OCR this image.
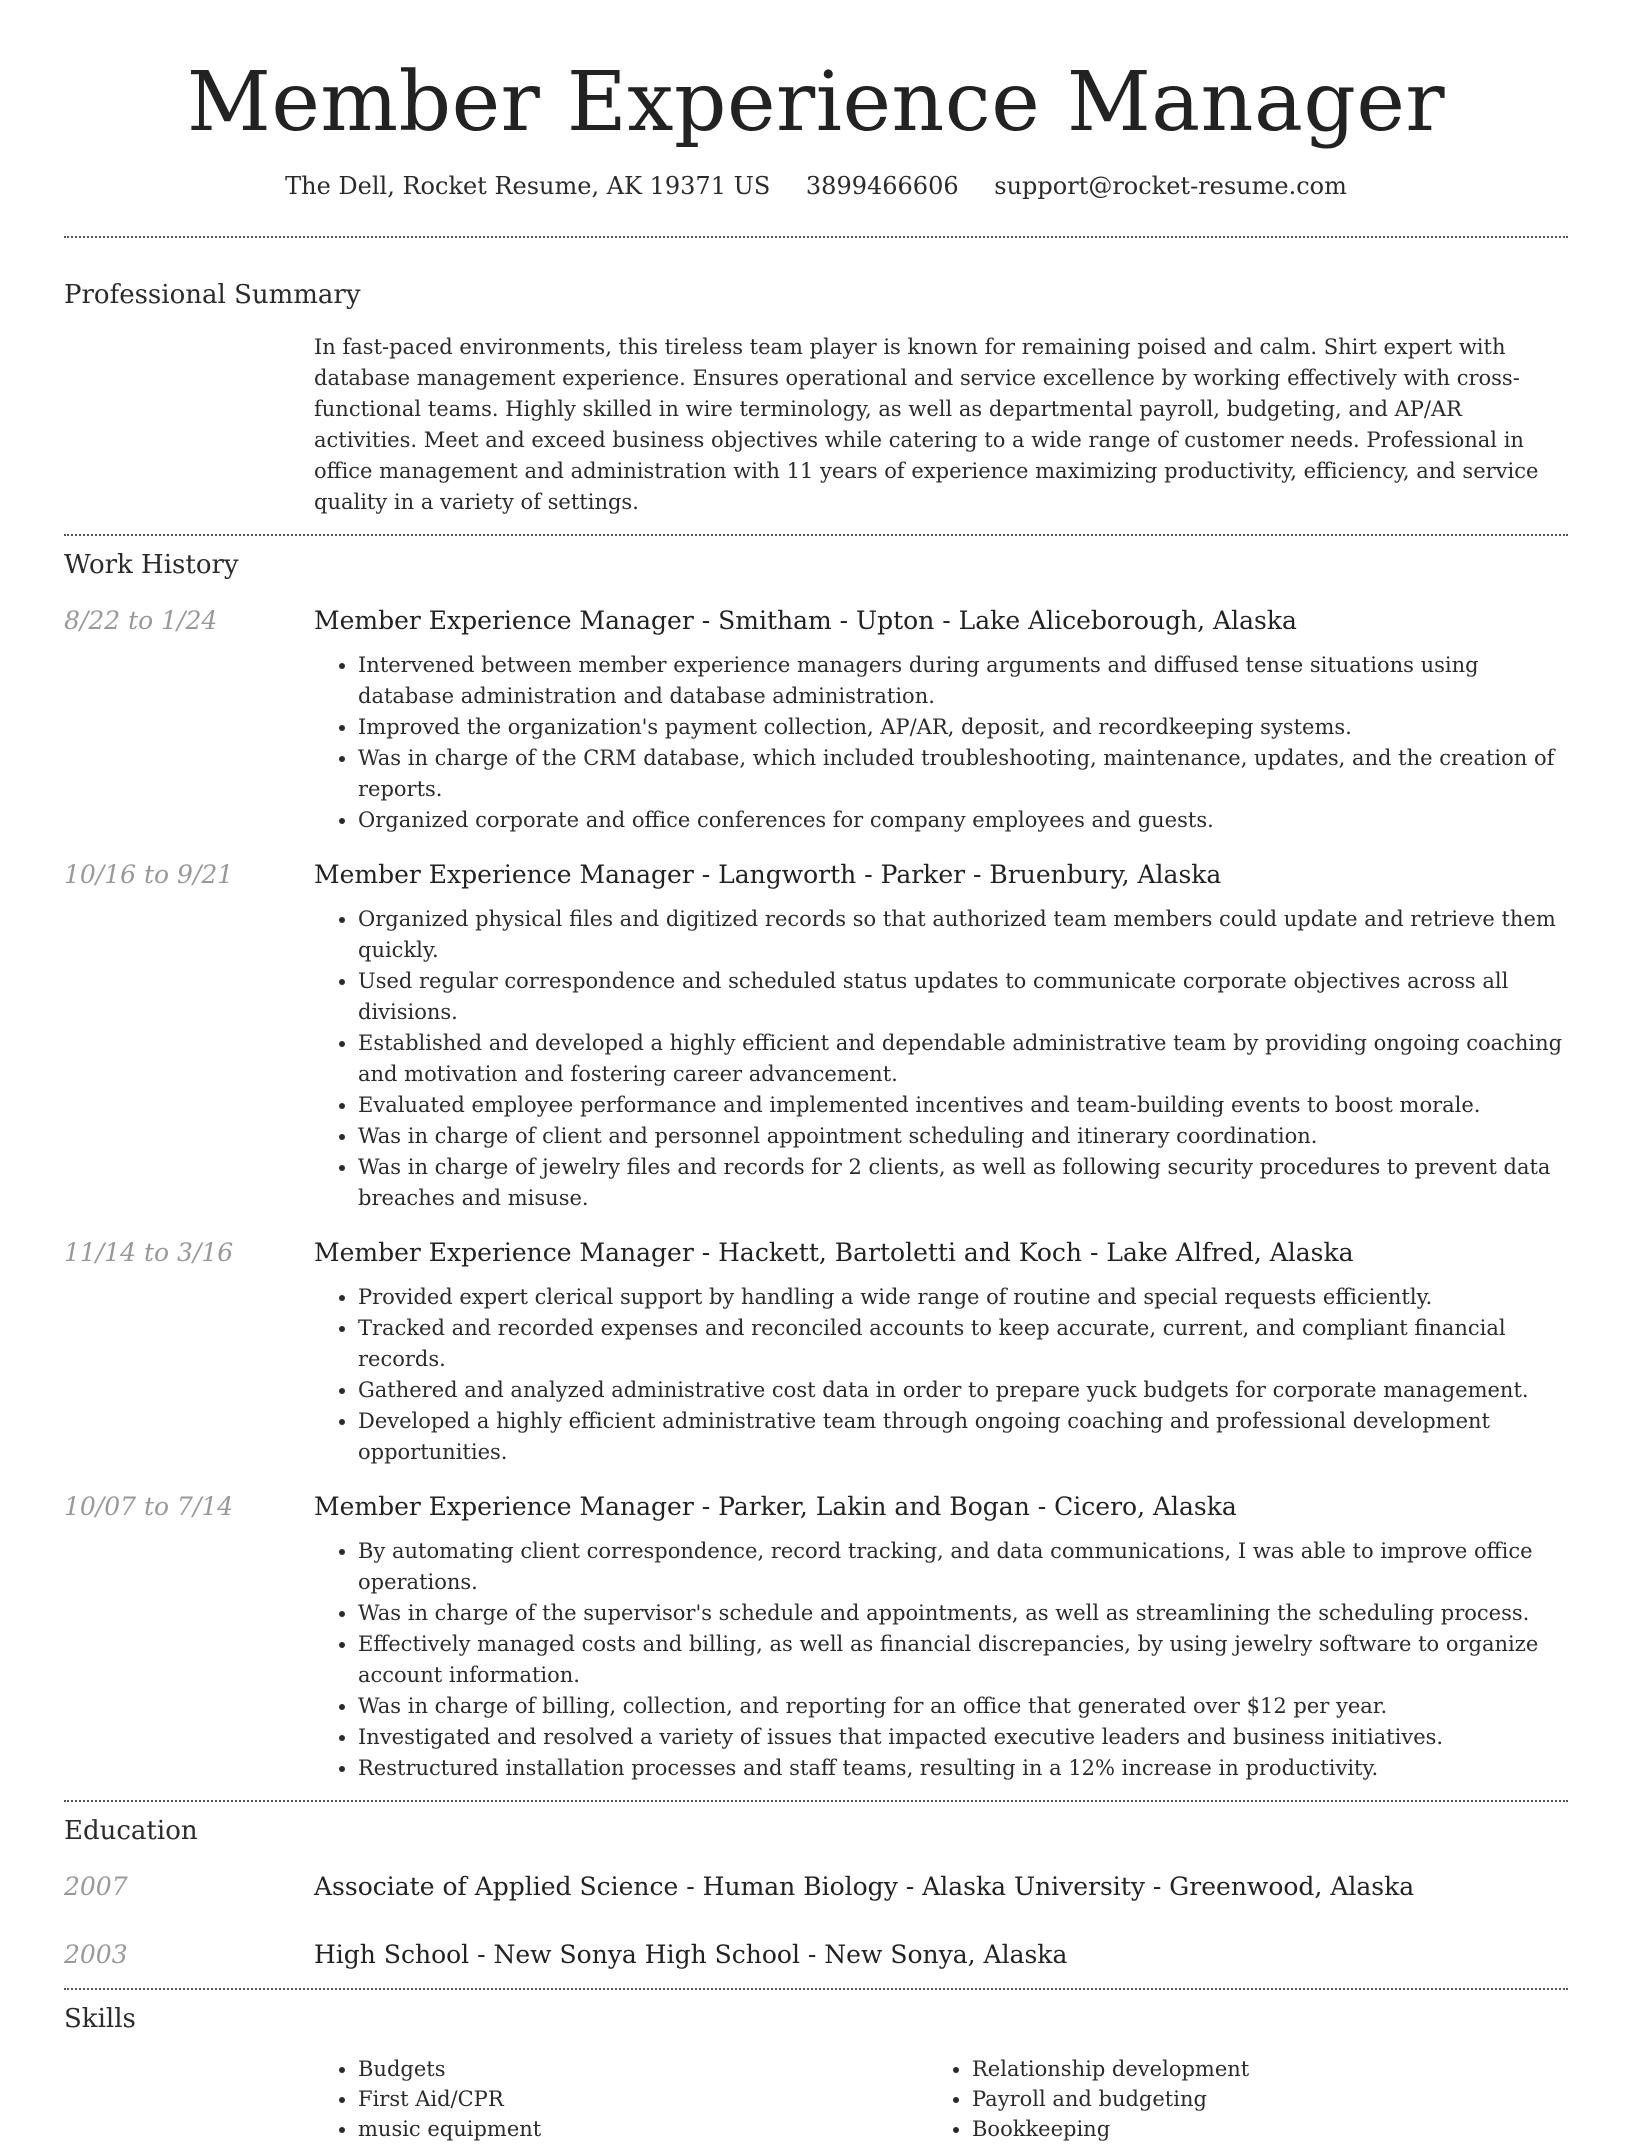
Member Experience Manager
The Dell, Rocket Resume, AK 19371 US 3899466606 support@rocket-resume.com
Professional Summary

In fast-paced environments, this tireless team player is known for remaining poised and calm. Shirt expert with database management experience. Ensures operational and service excellence by working effectively with cross-functional teams. Highly skilled in wire terminology, as well as departmental payroll, budgeting, and AP/AR activities. Meet and exceed business objectives while catering to a wide range of customer needs. Professional in office management and administration with 11 years of experience maximizing productivity, efficiency, and service quality in a variety of settings.

Work History
8/22 to 1/24	Member Experience Manager - Smitham - Upton - Lake Aliceborough, Alaska
• Intervened between member experience managers during arguments and diffused tense situations using database administration and database administration.
• Improved the organization's payment collection, AP/AR, deposit, and recordkeeping systems.
• Was in charge of the CRM database, which included troubleshooting, maintenance, updates, and the creation of reports.
• Organized corporate and office conferences for company employees and guests.
10/16 to 9/21	Member Experience Manager - Langworth - Parker - Bruenbury, Alaska
• Organized physical files and digitized records so that authorized team members could update and retrieve them quickly.
• Used regular correspondence and scheduled status updates to communicate corporate objectives across all divisions.
• Established and developed a highly efficient and dependable administrative team by providing ongoing coaching and motivation and fostering career advancement.
• Evaluated employee performance and implemented incentives and team-building events to boost morale.
• Was in charge of client and personnel appointment scheduling and itinerary coordination.
• Was in charge of jewelry files and records for 2 clients, as well as following security procedures to prevent data breaches and misuse.
11/14 to 3/16	Member Experience Manager - Hackett, Bartoletti and Koch - Lake Alfred, Alaska
• Provided expert clerical support by handling a wide range of routine and special requests efficiently.
• Tracked and recorded expenses and reconciled accounts to keep accurate, current, and compliant financial records.
• Gathered and analyzed administrative cost data in order to prepare yuck budgets for corporate management.
• Developed a highly efficient administrative team through ongoing coaching and professional development opportunities.
10/07 to 7/14	Member Experience Manager - Parker, Lakin and Bogan - Cicero, Alaska
• By automating client correspondence, record tracking, and data communications, I was able to improve office operations.
• Was in charge of the supervisor's schedule and appointments, as well as streamlining the scheduling process.
• Effectively managed costs and billing, as well as financial discrepancies, by using jewelry software to organize account information.
• Was in charge of billing, collection, and reporting for an office that generated over $12 per year.
• Investigated and resolved a variety of issues that impacted executive leaders and business initiatives.
• Restructured installation processes and staff teams, resulting in a 12% increase in productivity.
Education
2007	Associate of Applied Science - Human Biology - Alaska University - Greenwood, Alaska
2003	High School - New Sonya High School - New Sonya, Alaska
Skills
• Budgets
• First Aid/CPR
• music equipment
• Relationship development
• Payroll and budgeting
• Bookkeeping
